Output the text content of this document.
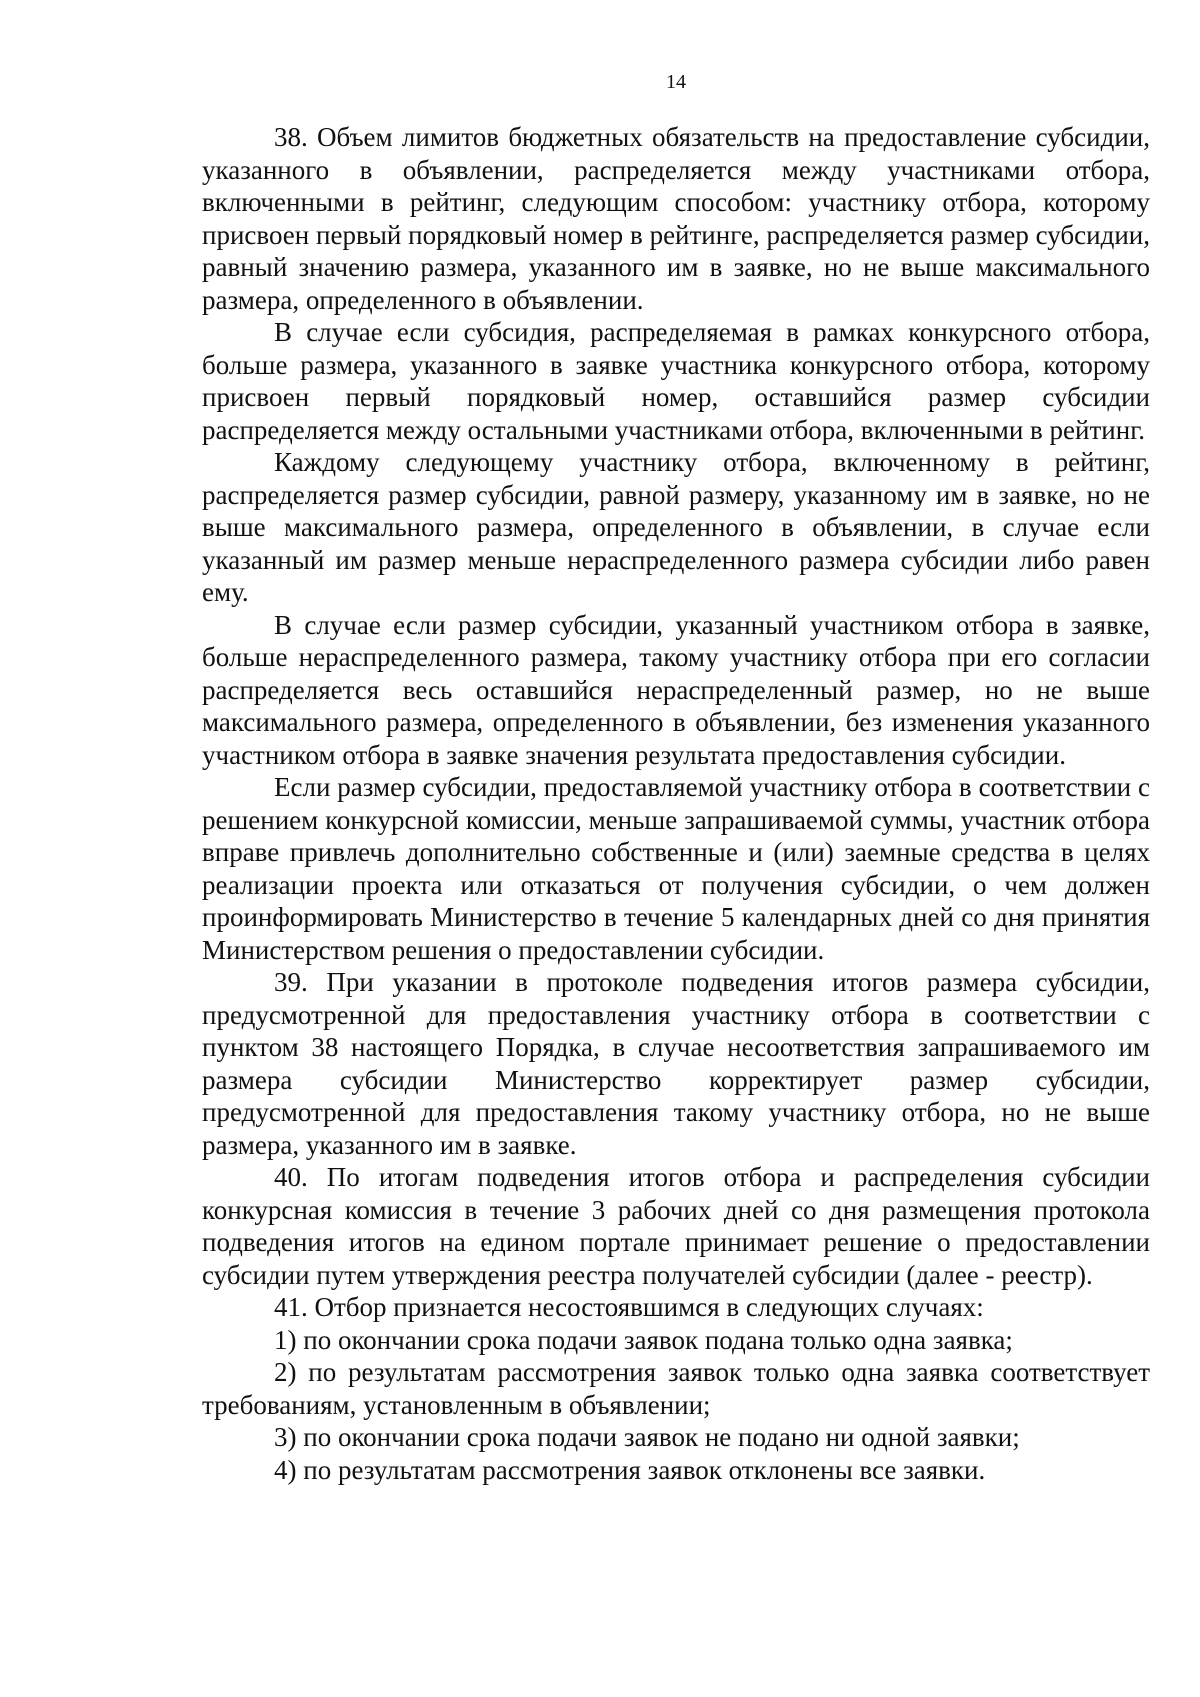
14

38. Объем лимитов бюджетных обязательств на предоставление субсидии, указанного в объявлении, распределяется между участниками отбора, включенными в рейтинг, следующим способом: участнику отбора, которому присвоен первый порядковый номер в рейтинге, распределяется размер субсидии, равный значению размера, указанного им в заявке, но не выше максимального размера, определенного в объявлении.

В случае если субсидия, распределяемая в рамках конкурсного отбора, больше размера, указанного в заявке участника конкурсного отбора, которому присвоен первый порядковый номер, оставшийся размер субсидии распределяется между остальными участниками отбора, включенными в рейтинг.

Каждому следующему участнику отбора, включенному в рейтинг, распределяется размер субсидии, равной размеру, указанному им в заявке, но не выше максимального размера, определенного в объявлении, в случае если указанный им размер меньше нераспределенного размера субсидии либо равен ему.

В случае если размер субсидии, указанный участником отбора в заявке, больше нераспределенного размера, такому участнику отбора при его согласии распределяется весь оставшийся нераспределенный размер, но не выше максимального размера, определенного в объявлении, без изменения указанного участником отбора в заявке значения результата предоставления субсидии.

Если размер субсидии, предоставляемой участнику отбора в соответствии с решением конкурсной комиссии, меньше запрашиваемой суммы, участник отбора вправе привлечь дополнительно собственные и (или) заемные средства в целях реализации проекта или отказаться от получения субсидии, о чем должен проинформировать Министерство в течение 5 календарных дней со дня принятия Министерством решения о предоставлении субсидии.

39. При указании в протоколе подведения итогов размера субсидии, предусмотренной для предоставления участнику отбора в соответствии с пунктом 38 настоящего Порядка, в случае несоответствия запрашиваемого им размера субсидии Министерство корректирует размер субсидии, предусмотренной для предоставления такому участнику отбора, но не выше размера, указанного им в заявке.

40. По итогам подведения итогов отбора и распределения субсидии конкурсная комиссия в течение 3 рабочих дней со дня размещения протокола подведения итогов на едином портале принимает решение о предоставлении субсидии путем утверждения реестра получателей субсидии (далее - реестр).

41. Отбор признается несостоявшимся в следующих случаях:

1) по окончании срока подачи заявок подана только одна заявка;

2) по результатам рассмотрения заявок только одна заявка соответствует требованиям, установленным в объявлении;

3) по окончании срока подачи заявок не подано ни одной заявки;

4) по результатам рассмотрения заявок отклонены все заявки.
